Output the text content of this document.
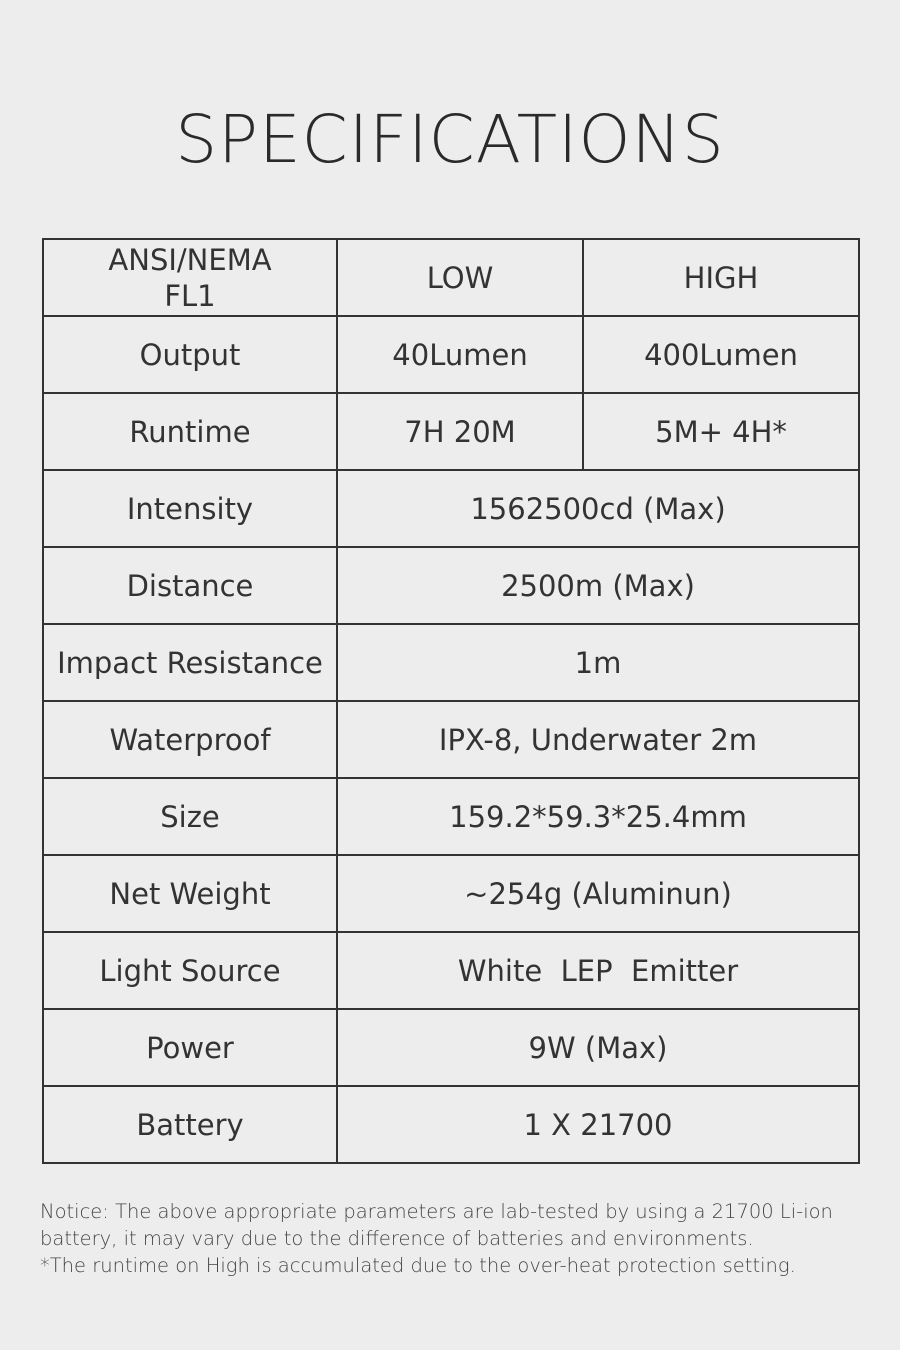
SPECIFICATIONS
ANSI/NEMA FL1	LOW	HIGH
Output	40Lumen	400Lumen
Runtime	7H 20M	5M+ 4H*
Intensity	1562500cd (Max)	
Distance	2500m (Max)	
Impact Resistance	1m	
Waterproof	IPX-8, Underwater 2m	
Size	159.2*59.3*25.4mm	
Net Weight	~254g (Aluminun)	
Light Source	White  LEP  Emitter	
Power	9W (Max)	
Battery	1 X 21700	
Notice: The above appropriate parameters are lab-tested by using a 21700 Li-ion
battery, it may vary due to the difference of batteries and environments.
*The runtime on High is accumulated due to the over-heat protection setting.
